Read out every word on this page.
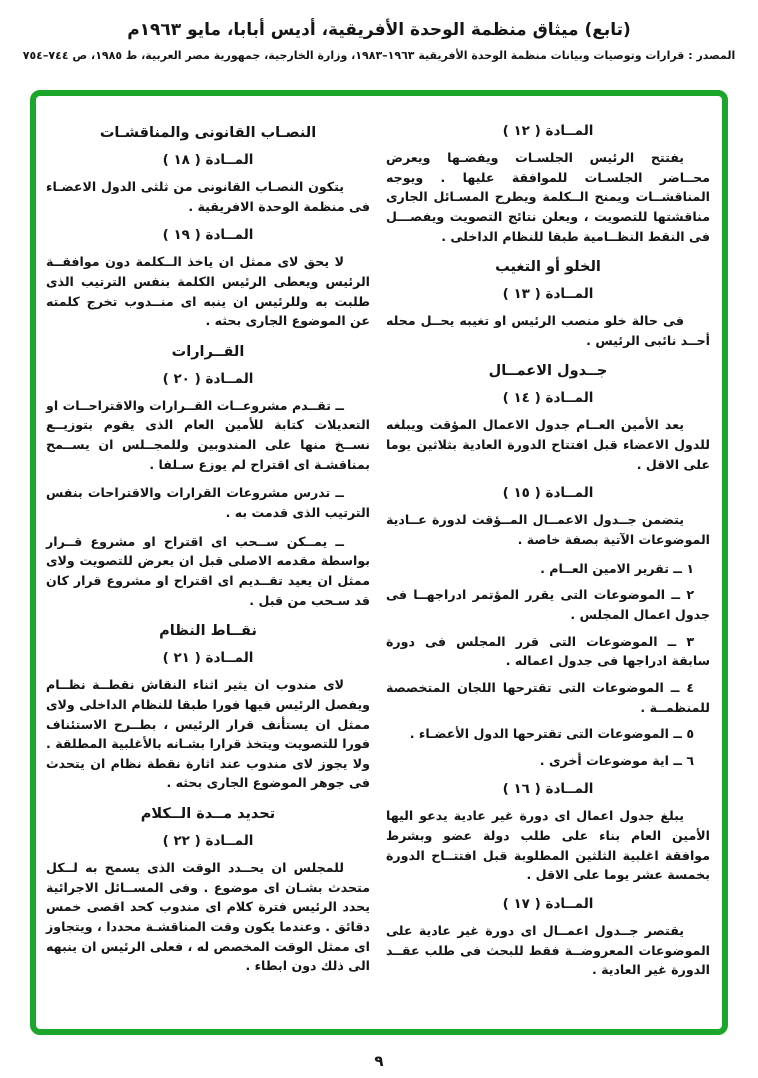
(تابع) ميثاق منظمة الوحدة الأفريقية، أديس أبابا، مايو ١٩٦٣م
المصدر : قرارات وتوصيات وبيانات منظمة الوحدة الأفريقية ١٩٦٣–١٩٨٣، وزارة الخارجية، جمهورية مصر العربية، ط ١٩٨٥، ص ٧٤٤–٧٥٤
المــادة ( ١٢ )
يفتتح الرئيس الجلسـات ويفضـها ويعرض محــاضر الجلسـات للموافقة عليها . ويوجه المناقشــات ويمنح الــكلمة ويطرح المسـائل الجارى مناقشتها للتصويت ، ويعلن نتائج التصويت ويفصـــل فى النقط النظــامية طبقا للنظام الداخلى .
الخلو أو التغيب
المــادة ( ١٣ )
فى حالة خلو منصب الرئيس او تغيبه يحــل محله أحــد نائبى الرئيس .
جــدول الاعمــال
المــادة ( ١٤ )
يعد الأمين العــام جدول الاعمال المؤقت ويبلغه للدول الاعضاء قبل افتتاح الدورة العادية بثلاثين يوما على الاقل .
المــادة ( ١٥ )
يتضمن جــدول الاعمــال المــؤقت لدورة عــادية الموضوعات الآتية بصفة خاصة .
١ ــ تقرير الامين العــام .
٢ ــ الموضوعات التى يقرر المؤتمر ادراجهــا فى جدول اعمال المجلس .
٣ ــ الموضوعات التى قرر المجلس فى دورة سابقة ادراجها فى جدول اعماله .
٤ ــ الموضوعات التى تقترحها اللجان المتخصصة للمنظمــة .
٥ ــ الموضوعات التى تقترحها الدول الأعضـاء .
٦ ــ اية موضوعات أخرى .
المــادة ( ١٦ )
يبلغ جدول اعمال اى دورة غير عادية يدعو اليها الأمين العام بناء على طلب دولة عضو وبشرط موافقة اغلبية الثلثين المطلوبة قبل افتتــاح الدورة بخمسة عشر يوما على الاقل .
المــادة ( ١٧ )
يقتصر جــدول اعمــال اى دورة غير عادية على الموضوعات المعروضــة فقط للبحث فى طلب عقــد الدورة غير العادية .
النصـاب القانونى والمناقشـات
المــادة ( ١٨ )
يتكون النصـاب القانونى من ثلثى الدول الاعضـاء فى منظمة الوحدة الافريقية .
المــادة ( ١٩ )
لا يحق لاى ممثل ان ياخذ الــكلمة دون موافقــة الرئيس ويعطى الرئيس الكلمة بنفس الترتيب الذى طلبت به وللرئيس ان ينبه اى منــدوب تخرج كلمته عن الموضوع الجارى بحثه .
القــرارات
المــادة ( ٢٠ )
ــ تقــدم مشروعــات القــرارات والاقتراحــات او التعديلات كتابة للأمين العام الذى يقوم بتوزيــع نســخ منها على المندوبين وللمجــلس ان يســمح بمناقشـة اى اقتراح لم يوزع سـلفا .
ــ تدرس مشروعات القرارات والاقتراحات بنفس الترتيب الذى قدمت به .
ــ يمــكن ســحب اى اقتراح او مشروع قــرار بواسطة مقدمه الاصلى قبل ان يعرض للتصويت ولاى ممثل ان يعيد تقــديم اى اقتراح او مشروع قرار كان قد سـحب من قبل .
نقــاط النظام
المــادة ( ٢١ )
لاى مندوب ان يثير اثناء النقاش نقطــة نظــام ويفصل الرئيس فيها فورا طبقا للنظام الداخلى ولاى ممثل ان يستأنف قرار الرئيس ، بطــرح الاستئناف فورا للتصويت ويتخذ قرارا بشـانه بالأغلبية المطلقة . ولا يجوز لاى مندوب عند اثارة نقطة نظام ان يتحدث فى جوهر الموضوع الجارى بحثه .
تحديد مــدة الــكلام
المــادة ( ٢٢ )
للمجلس ان يحــدد الوقت الذى يسمح به لــكل متحدث بشـان اى موضوع . وفى المســائل الاجرائية يحدد الرئيس فترة كلام اى مندوب كحد اقصى خمس دقائق . وعندما يكون وقت المناقشـة محددا ، ويتجاوز اى ممثل الوقت المخصص له ، فعلى الرئيس ان ينبهه الى ذلك دون ابطاء .
٩
